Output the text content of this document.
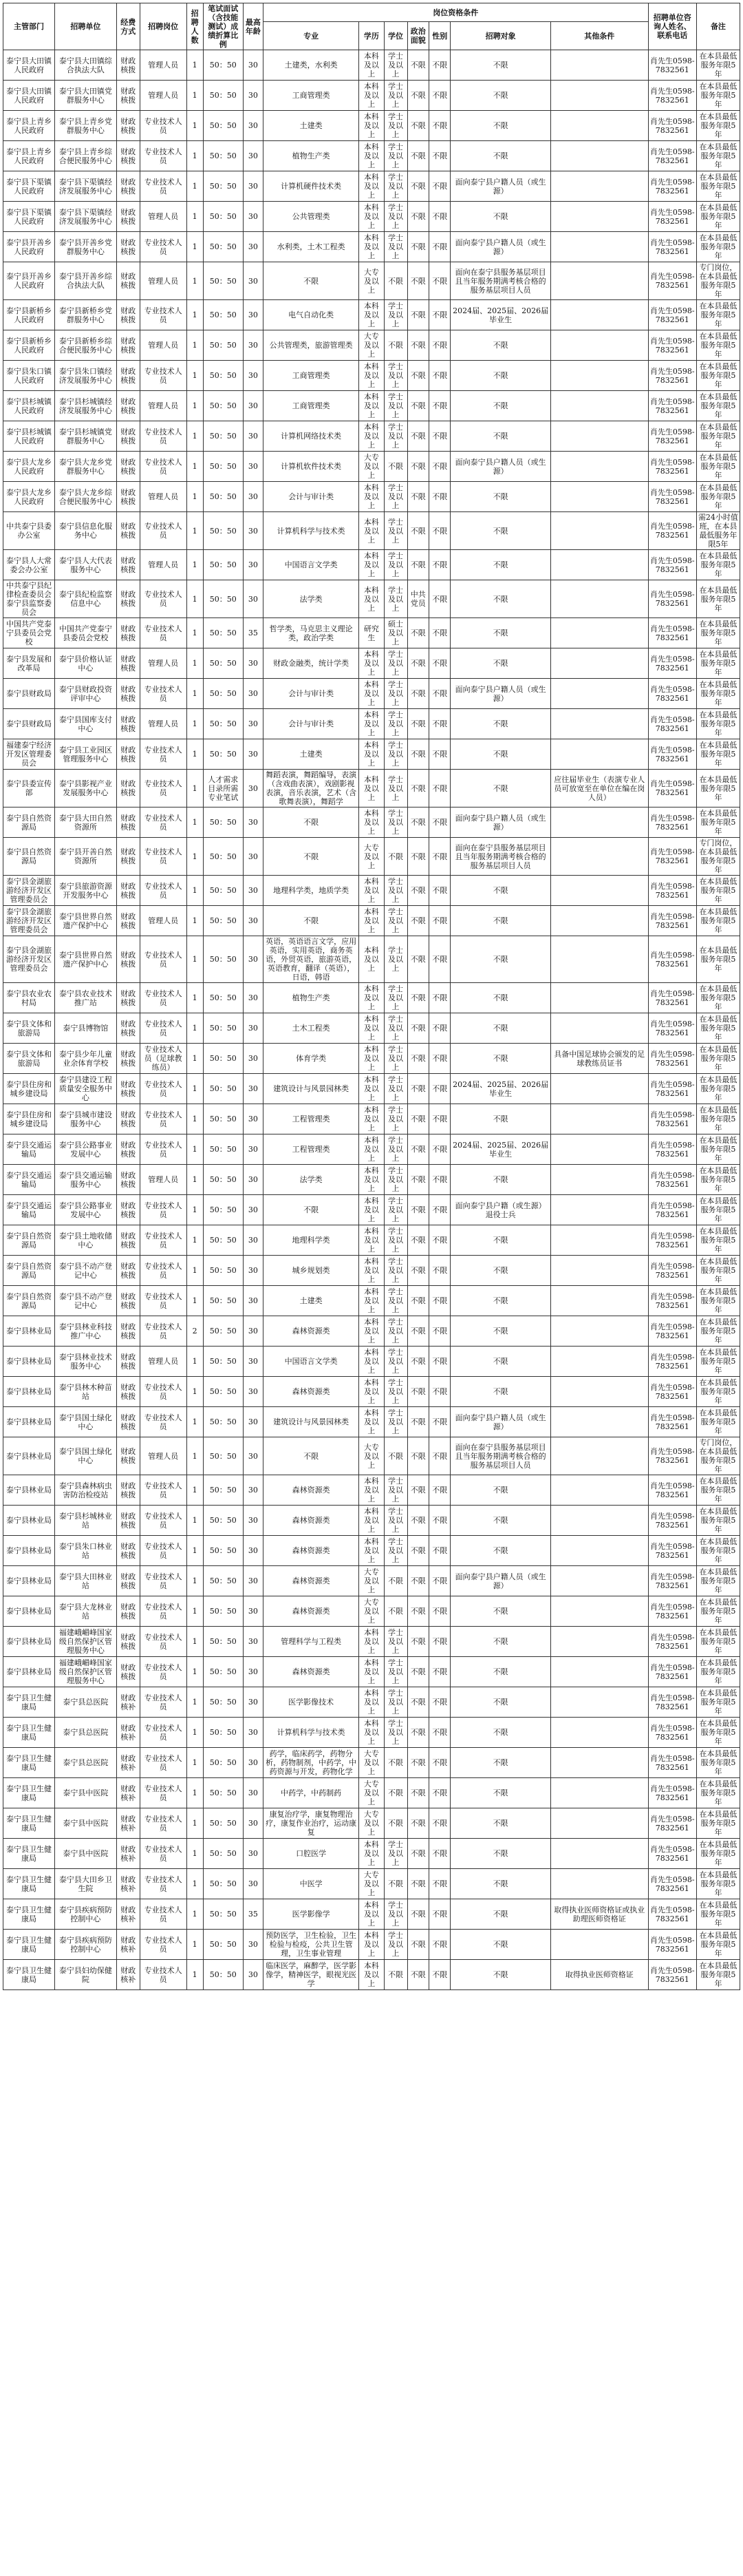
主管部门	招聘单位	经费方式	招聘岗位	招聘人数	笔试面试（含技能测试）成绩折算比例	最高年龄	岗位资格条件							招聘单位咨询人姓名、联系电话	备注
							专业	学历	学位	政治面貌	性别	招聘对象	其他条件		
泰宁县大田镇人民政府	泰宁县大田镇综合执法大队	财政核拨	管理人员	1	50：50	30	土建类，水利类	本科及以上	学士及以上	不限	不限	不限		肖先生0598-7832561	在本县最低服务年限5年
泰宁县大田镇人民政府	泰宁县大田镇党群服务中心	财政核拨	管理人员	1	50：50	30	工商管理类	本科及以上	学士及以上	不限	不限	不限		肖先生0598-7832561	在本县最低服务年限5年
泰宁县上青乡人民政府	泰宁县上青乡党群服务中心	财政核拨	专业技术人员	1	50：50	30	土建类	本科及以上	学士及以上	不限	不限	不限		肖先生0598-7832561	在本县最低服务年限5年
泰宁县上青乡人民政府	泰宁县上青乡综合便民服务中心	财政核拨	专业技术人员	1	50：50	30	植物生产类	本科及以上	学士及以上	不限	不限	不限		肖先生0598-7832561	在本县最低服务年限5年
泰宁县下渠镇人民政府	泰宁县下渠镇经济发展服务中心	财政核拨	专业技术人员	1	50：50	30	计算机硬件技术类	本科及以上	学士及以上	不限	不限	面向泰宁县户籍人员（或生源）		肖先生0598-7832561	在本县最低服务年限5年
泰宁县下渠镇人民政府	泰宁县下渠镇经济发展服务中心	财政核拨	管理人员	1	50：50	30	公共管理类	本科及以上	学士及以上	不限	不限	不限		肖先生0598-7832561	在本县最低服务年限5年
泰宁县开善乡人民政府	泰宁县开善乡党群服务中心	财政核拨	专业技术人员	1	50：50	30	水利类，土木工程类	本科及以上	学士及以上	不限	不限	面向泰宁县户籍人员（或生源）		肖先生0598-7832561	在本县最低服务年限5年
泰宁县开善乡人民政府	泰宁县开善乡综合执法大队	财政核拨	管理人员	1	50：50	30	不限	大专及以上	不限	不限	不限	面向在泰宁县服务基层项目且当年服务期满考核合格的服务基层项目人员		肖先生0598-7832561	专门岗位，在本县最低服务年限5年
泰宁县新桥乡人民政府	泰宁县新桥乡党群服务中心	财政核拨	专业技术人员	1	50：50	30	电气自动化类	本科及以上	学士及以上	不限	不限	2024届、2025届、2026届毕业生		肖先生0598-7832561	在本县最低服务年限5年
泰宁县新桥乡人民政府	泰宁县新桥乡综合便民服务中心	财政核拨	管理人员	1	50：50	30	公共管理类，旅游管理类	大专及以上	不限	不限	不限	不限		肖先生0598-7832561	在本县最低服务年限5年
泰宁县朱口镇人民政府	泰宁县朱口镇经济发展服务中心	财政核拨	专业技术人员	1	50：50	30	工商管理类	本科及以上	学士及以上	不限	不限	不限		肖先生0598-7832561	在本县最低服务年限5年
泰宁县杉城镇人民政府	泰宁县杉城镇经济发展服务中心	财政核拨	管理人员	1	50：50	30	工商管理类	本科及以上	学士及以上	不限	不限	不限		肖先生0598-7832561	在本县最低服务年限5年
泰宁县杉城镇人民政府	泰宁县杉城镇党群服务中心	财政核拨	专业技术人员	1	50：50	30	计算机网络技术类	本科及以上	学士及以上	不限	不限	不限		肖先生0598-7832561	在本县最低服务年限5年
泰宁县大龙乡人民政府	泰宁县大龙乡党群服务中心	财政核拨	专业技术人员	1	50：50	30	计算机软件技术类	大专及以上	不限	不限	不限	面向泰宁县户籍人员（或生源）		肖先生0598-7832561	在本县最低服务年限5年
泰宁县大龙乡人民政府	泰宁县大龙乡综合便民服务中心	财政核拨	管理人员	1	50：50	30	会计与审计类	本科及以上	学士及以上	不限	不限	不限		肖先生0598-7832561	在本县最低服务年限5年
中共泰宁县委办公室	泰宁县信息化服务中心	财政核拨	专业技术人员	1	50：50	30	计算机科学与技术类	本科及以上	学士及以上	不限	不限	不限		肖先生0598-7832561	需24小时值班，在本县最低服务年限5年
泰宁县人大常委会办公室	泰宁县人大代表服务中心	财政核拨	管理人员	1	50：50	30	中国语言文学类	本科及以上	学士及以上	不限	不限	不限		肖先生0598-7832561	在本县最低服务年限5年
中共泰宁县纪律检查委员会泰宁县监察委员会	泰宁县纪检监察信息中心	财政核拨	专业技术人员	1	50：50	30	法学类	本科及以上	学士及以上	中共党员	不限	不限		肖先生0598-7832561	在本县最低服务年限5年
中国共产党泰宁县委员会党校	中国共产党泰宁县委员会党校	财政核拨	专业技术人员	1	50：50	35	哲学类，马克思主义理论类，政治学类	研究生	硕士及以上	不限	不限	不限		肖先生0598-7832561	在本县最低服务年限5年
泰宁县发展和改革局	泰宁县价格认证中心	财政核拨	管理人员	1	50：50	30	财政金融类，统计学类	本科及以上	学士及以上	不限	不限	不限		肖先生0598-7832561	在本县最低服务年限5年
泰宁县财政局	泰宁县财政投资评审中心	财政核拨	专业技术人员	1	50：50	30	会计与审计类	本科及以上	学士及以上	不限	不限	面向泰宁县户籍人员（或生源）		肖先生0598-7832561	在本县最低服务年限5年
泰宁县财政局	泰宁县国库支付中心	财政核拨	管理人员	1	50：50	30	会计与审计类	本科及以上	学士及以上	不限	不限	不限		肖先生0598-7832561	在本县最低服务年限5年
福建泰宁经济开发区管理委员会	泰宁县工业园区管理服务中心	财政核拨	专业技术人员	1	50：50	30	土建类	本科及以上	学士及以上	不限	不限	不限		肖先生0598-7832561	在本县最低服务年限5年
泰宁县委宣传部	泰宁县影视产业发展服务中心	财政核拨	专业技术人员	1	人才需求目录所需专业笔试	30	舞蹈表演，舞蹈编导，表演（含戏曲表演），戏剧影视表演，音乐表演，艺术（含歌舞表演），舞蹈学	本科及以上	学士及以上	不限	不限	不限	应往届毕业生（表演专业人员可放宽至在单位在编在岗人员）	肖先生0598-7832561	在本县最低服务年限5年
泰宁县自然资源局	泰宁县大田自然资源所	财政核拨	专业技术人员	1	50：50	30	不限	本科及以上	学士及以上	不限	不限	面向泰宁县户籍人员（或生源）		肖先生0598-7832561	在本县最低服务年限5年
泰宁县自然资源局	泰宁县开善自然资源所	财政核拨	专业技术人员	1	50：50	30	不限	大专及以上	不限	不限	不限	面向在泰宁县服务基层项目且当年服务期满考核合格的服务基层项目人员		肖先生0598-7832561	专门岗位，在本县最低服务年限5年
泰宁县金湖旅游经济开发区管理委员会	泰宁县旅游资源开发服务中心	财政核拨	专业技术人员	1	50：50	30	地理科学类，地质学类	本科及以上	学士及以上	不限	不限	不限		肖先生0598-7832561	在本县最低服务年限5年
泰宁县金湖旅游经济开发区管理委员会	泰宁县世界自然遗产保护中心	财政核拨	管理人员	1	50：50	30	不限	本科及以上	学士及以上	不限	不限	不限		肖先生0598-7832561	在本县最低服务年限5年
泰宁县金湖旅游经济开发区管理委员会	泰宁县世界自然遗产保护中心	财政核拨	专业技术人员	1	50：50	30	英语，英语语言文学，应用英语，实用英语，商务英语，外贸英语，旅游英语，英语教育，翻译（英语），日语，韩语	本科及以上	学士及以上	不限	不限	不限		肖先生0598-7832561	在本县最低服务年限5年
泰宁县农业农村局	泰宁县农业技术推广站	财政核拨	专业技术人员	1	50：50	30	植物生产类	本科及以上	学士及以上	不限	不限	不限		肖先生0598-7832561	在本县最低服务年限5年
泰宁县文体和旅游局	泰宁县博物馆	财政核拨	专业技术人员	1	50：50	30	土木工程类	本科及以上	学士及以上	不限	不限	不限		肖先生0598-7832561	在本县最低服务年限5年
泰宁县文体和旅游局	泰宁县少年儿童业余体育学校	财政核拨	专业技术人员（足球教练员）	1	50：50	30	体育学类	本科及以上	学士及以上	不限	不限	不限	具备中国足球协会颁发的足球教练员证书	肖先生0598-7832561	在本县最低服务年限5年
泰宁县住房和城乡建设局	泰宁县建设工程质量安全服务中心	财政核拨	专业技术人员	1	50：50	30	建筑设计与风景园林类	本科及以上	学士及以上	不限	不限	2024届、2025届、2026届毕业生		肖先生0598-7832561	在本县最低服务年限5年
泰宁县住房和城乡建设局	泰宁县城市建设服务中心	财政核拨	专业技术人员	1	50：50	30	工程管理类	本科及以上	学士及以上	不限	不限	不限		肖先生0598-7832561	在本县最低服务年限5年
泰宁县交通运输局	泰宁县公路事业发展中心	财政核拨	专业技术人员	1	50：50	30	工程管理类	本科及以上	学士及以上	不限	不限	2024届、2025届、2026届毕业生		肖先生0598-7832561	在本县最低服务年限5年
泰宁县交通运输局	泰宁县交通运输服务中心	财政核拨	管理人员	1	50：50	30	法学类	本科及以上	学士及以上	不限	不限	不限		肖先生0598-7832561	在本县最低服务年限5年
泰宁县交通运输局	泰宁县公路事业发展中心	财政核拨	专业技术人员	1	50：50	30	不限	本科及以上	学士及以上	不限	不限	面向泰宁县户籍（或生源）退役士兵		肖先生0598-7832561	在本县最低服务年限5年
泰宁县自然资源局	泰宁县土地收储中心	财政核拨	专业技术人员	1	50：50	30	地理科学类	本科及以上	学士及以上	不限	不限	不限		肖先生0598-7832561	在本县最低服务年限5年
泰宁县自然资源局	泰宁县不动产登记中心	财政核拨	专业技术人员	1	50：50	30	城乡规划类	本科及以上	学士及以上	不限	不限	不限		肖先生0598-7832561	在本县最低服务年限5年
泰宁县自然资源局	泰宁县不动产登记中心	财政核拨	专业技术人员	1	50：50	30	土建类	本科及以上	学士及以上	不限	不限	不限		肖先生0598-7832561	在本县最低服务年限5年
泰宁县林业局	泰宁县林业科技推广中心	财政核拨	专业技术人员	2	50：50	30	森林资源类	本科及以上	学士及以上	不限	不限	不限		肖先生0598-7832561	在本县最低服务年限5年
泰宁县林业局	泰宁县林业技术服务中心	财政核拨	管理人员	1	50：50	30	中国语言文学类	本科及以上	学士及以上	不限	不限	不限		肖先生0598-7832561	在本县最低服务年限5年
泰宁县林业局	泰宁县林木种苗站	财政核拨	专业技术人员	1	50：50	30	森林资源类	本科及以上	学士及以上	不限	不限	不限		肖先生0598-7832561	在本县最低服务年限5年
泰宁县林业局	泰宁县国土绿化中心	财政核拨	专业技术人员	1	50：50	30	建筑设计与风景园林类	本科及以上	学士及以上	不限	不限	面向泰宁县户籍人员（或生源）		肖先生0598-7832561	在本县最低服务年限5年
泰宁县林业局	泰宁县国土绿化中心	财政核拨	管理人员	1	50：50	30	不限	大专及以上	不限	不限	不限	面向在泰宁县服务基层项目且当年服务期满考核合格的服务基层项目人员		肖先生0598-7832561	专门岗位，在本县最低服务年限5年
泰宁县林业局	泰宁县森林病虫害防治检疫站	财政核拨	专业技术人员	1	50：50	30	森林资源类	本科及以上	学士及以上	不限	不限	不限		肖先生0598-7832561	在本县最低服务年限5年
泰宁县林业局	泰宁县杉城林业站	财政核拨	专业技术人员	1	50：50	30	森林资源类	本科及以上	学士及以上	不限	不限	不限		肖先生0598-7832561	在本县最低服务年限5年
泰宁县林业局	泰宁县朱口林业站	财政核拨	专业技术人员	1	50：50	30	森林资源类	本科及以上	学士及以上	不限	不限	不限		肖先生0598-7832561	在本县最低服务年限5年
泰宁县林业局	泰宁县大田林业站	财政核拨	专业技术人员	1	50：50	30	森林资源类	大专及以上	不限	不限	不限	面向泰宁县户籍人员（或生源）		肖先生0598-7832561	在本县最低服务年限5年
泰宁县林业局	泰宁县大龙林业站	财政核拨	专业技术人员	1	50：50	30	森林资源类	大专及以上	不限	不限	不限	不限		肖先生0598-7832561	在本县最低服务年限5年
泰宁县林业局	福建峨嵋峰国家级自然保护区管理服务中心	财政核拨	专业技术人员	1	50：50	30	管理科学与工程类	本科及以上	学士及以上	不限	不限	不限		肖先生0598-7832561	在本县最低服务年限5年
泰宁县林业局	福建峨嵋峰国家级自然保护区管理服务中心	财政核拨	专业技术人员	1	50：50	30	森林资源类	本科及以上	学士及以上	不限	不限	不限		肖先生0598-7832561	在本县最低服务年限5年
泰宁县卫生健康局	泰宁县总医院	财政核补	专业技术人员	1	50：50	30	医学影像技术	本科及以上	学士及以上	不限	不限	不限		肖先生0598-7832561	在本县最低服务年限5年
泰宁县卫生健康局	泰宁县总医院	财政核补	专业技术人员	1	50：50	30	计算机科学与技术类	本科及以上	学士及以上	不限	不限	不限		肖先生0598-7832561	在本县最低服务年限5年
泰宁县卫生健康局	泰宁县总医院	财政核补	专业技术人员	1	50：50	30	药学，临床药学，药物分析，药物制剂，中药学，中药资源与开发，药物化学	大专及以上	不限	不限	不限	不限		肖先生0598-7832561	在本县最低服务年限5年
泰宁县卫生健康局	泰宁县中医院	财政核补	专业技术人员	1	50：50	30	中药学，中药制药	大专及以上	不限	不限	不限	不限		肖先生0598-7832561	在本县最低服务年限5年
泰宁县卫生健康局	泰宁县中医院	财政核补	专业技术人员	1	50：50	30	康复治疗学，康复物理治疗，康复作业治疗，运动康复	大专及以上	不限	不限	不限	不限		肖先生0598-7832561	在本县最低服务年限5年
泰宁县卫生健康局	泰宁县中医院	财政核补	专业技术人员	1	50：50	30	口腔医学	本科及以上	学士及以上	不限	不限	不限		肖先生0598-7832561	在本县最低服务年限5年
泰宁县卫生健康局	泰宁县大田乡卫生院	财政核补	专业技术人员	1	50：50	30	中医学	大专及以上	不限	不限	不限	不限		肖先生0598-7832561	在本县最低服务年限5年
泰宁县卫生健康局	泰宁县疾病预防控制中心	财政核补	专业技术人员	1	50：50	35	医学影像学	本科及以上	学士及以上	不限	不限	不限	取得执业医师资格证或执业助理医师资格证	肖先生0598-7832561	在本县最低服务年限5年
泰宁县卫生健康局	泰宁县疾病预防控制中心	财政核补	专业技术人员	1	50：50	30	预防医学，卫生检验，卫生检验与检疫，公共卫生管理，卫生事业管理	本科及以上	学士及以上	不限	不限	不限		肖先生0598-7832561	在本县最低服务年限5年
泰宁县卫生健康局	泰宁县妇幼保健院	财政核补	专业技术人员	1	50：50	30	临床医学，麻醉学，医学影像学，精神医学，眼视光医学	本科及以上	不限	不限	不限	不限	取得执业医师资格证	肖先生0598-7832561	在本县最低服务年限5年
